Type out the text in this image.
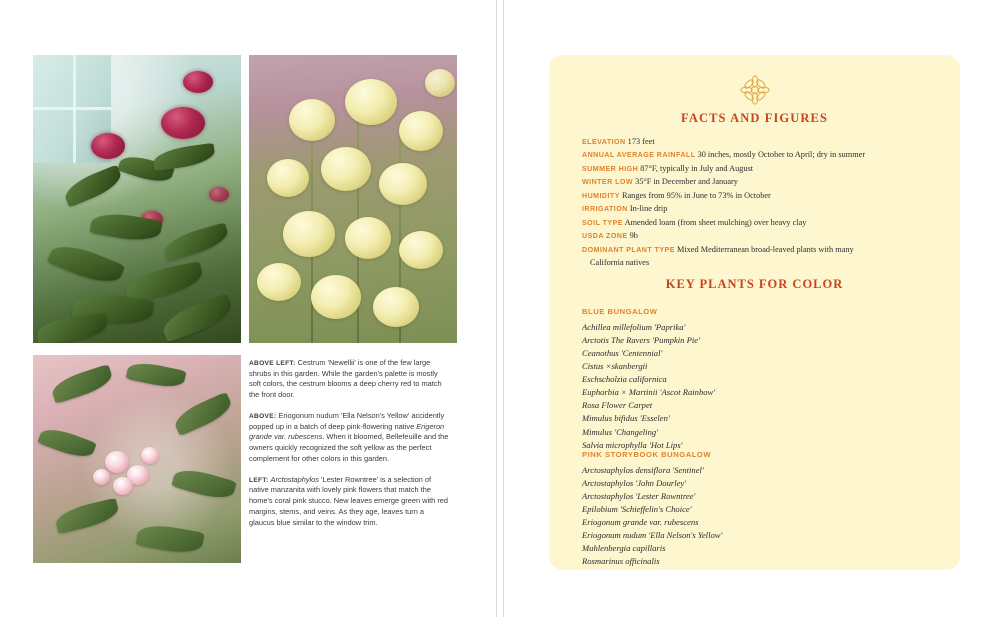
ABOVE LEFT: Cestrum 'Newellii' is one of the few large shrubs in this garden. While the garden's palette is mostly soft colors, the cestrum blooms a deep cherry red to match the front door.
ABOVE: Eriogonum nudum 'Ella Nelson's Yellow' accidently popped up in a batch of deep pink-flowering native Erigeron grande var. rubescens. When it bloomed, Bellefeuille and the owners quickly recognized the soft yellow as the perfect complement for other colors in this garden.
LEFT: Arctostaphylos 'Lester Rowntree' is a selection of native manzanita with lovely pink flowers that match the home's coral pink stucco. New leaves emerge green with red margins, stems, and veins. As they age, leaves turn a glaucus blue similar to the window trim.
FACTS AND FIGURES
ELEVATION 173 feet
ANNUAL AVERAGE RAINFALL 30 inches, mostly October to April; dry in summer
SUMMER HIGH 87°F, typically in July and August
WINTER LOW 35°F in December and January
HUMIDITY Ranges from 95% in June to 73% in October
IRRIGATION In-line drip
SOIL TYPE Amended loam (from sheet mulching) over heavy clay
USDA ZONE 9b
DOMINANT PLANT TYPE Mixed Mediterranean broad-leaved plants with many
California natives
KEY PLANTS FOR COLOR
BLUE BUNGALOW
Achillea millefolium 'Paprika'
Arctotis The Ravers 'Pumpkin Pie'
Ceanothus 'Centennial'
Cistus ×skanbergii
Eschscholzia californica
Euphorbia × Martinii 'Ascot Rainbow'
Rosa Flower Carpet
Mimulus bifidus 'Esselen'
Mimulus 'Changeling'
Salvia microphylla 'Hot Lips'
PINK STORYBOOK BUNGALOW
Arctostaphylos densiflora 'Sentinel'
Arctostaphylos 'John Dourley'
Arctostaphylos 'Lester Rowntree'
Epilobium 'Schieffelin's Choice'
Eriogonum grande var. rubescens
Eriogonum nudum 'Ella Nelson's Yellow'
Muhlenbergia capillaris
Rosmarinus officinalis
